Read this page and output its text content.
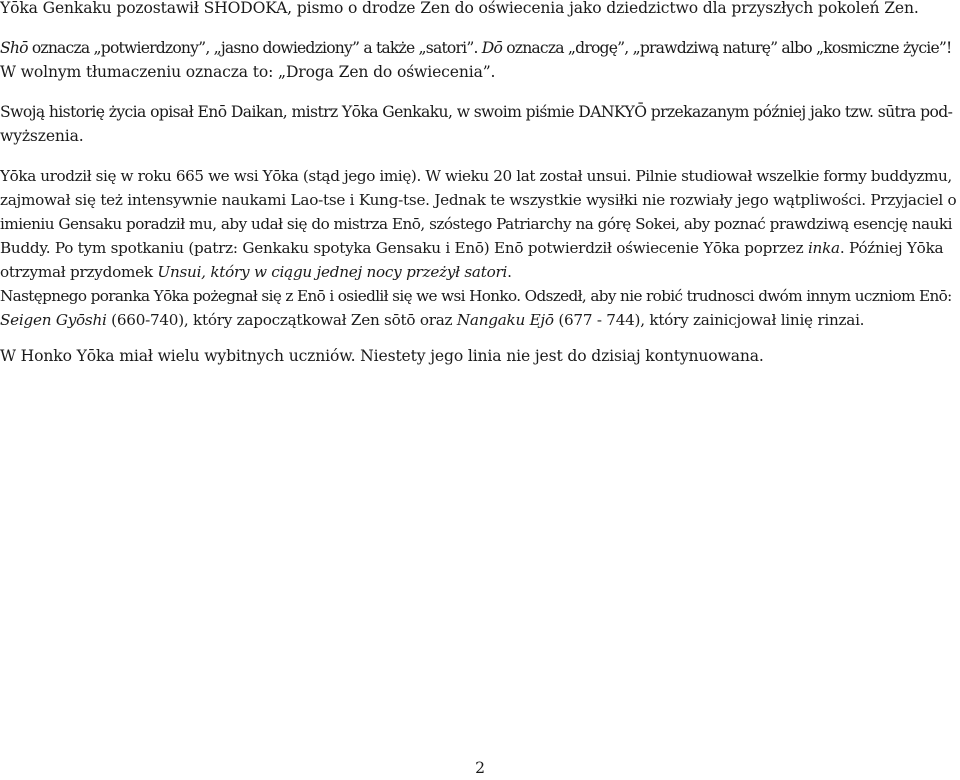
Yōka Genkaku pozostawił SHŌDŌKA, pismo o drodze Zen do oświecenia jako dziedzictwo dla przyszłych pokoleń Zen.

Shō oznacza „potwierdzony”, „jasno dowiedziony” a także „satori”. Dō oznacza „drogę”, „prawdziwą naturę” albo „kosmiczne życie”!
W wolnym tłumaczeniu oznacza to: „Droga Zen do oświecenia”.

Swoją historię życia opisał Enō Daikan, mistrz Yōka Genkaku, w swoim piśmie DANKYŌ przekazanym później jako tzw. sūtra pod-
wyższenia.

Yōka urodził się w roku 665 we wsi Yōka (stąd jego imię). W wieku 20 lat został unsui. Pilnie studiował wszelkie formy buddyzmu,
zajmował się też intensywnie naukami Lao-tse i Kung-tse. Jednak te wszystkie wysiłki nie rozwiały jego wątpliwości. Przyjaciel o
imieniu Gensaku poradził mu, aby udał się do mistrza Enō, szóstego Patriarchy na górę Sokei, aby poznać prawdziwą esencję nauki
Buddy. Po tym spotkaniu (patrz: Genkaku spotyka Gensaku i Enō) Enō potwierdził oświecenie Yōka poprzez inka. Później Yōka
otrzymał przydomek Unsui, który w ciągu jednej nocy przeżył satori.

Następnego poranka Yōka pożegnał się z Enō i osiedlił się we wsi Honko. Odszedł, aby nie robić trudnosci dwóm innym uczniom Enō:
Seigen Gyōshi (660-740), który zapoczątkował Zen sōtō oraz Nangaku Ejō (677 - 744), który zainicjował linię rinzai.

W Honko Yōka miał wielu wybitnych uczniów. Niestety jego linia nie jest do dzisiaj kontynuowana.

2
